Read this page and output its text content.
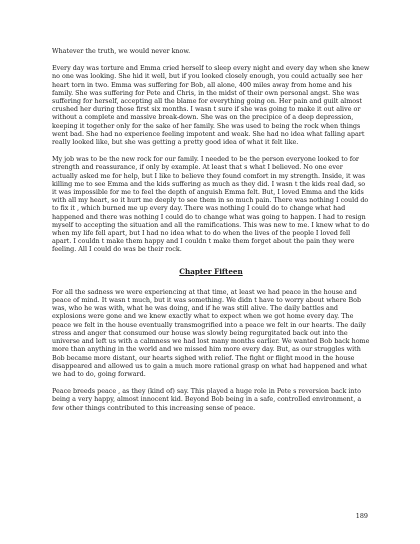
Whatever the truth, we would never know.

Every day was torture and Emma cried herself to sleep every night and every day when she knew no one was looking. She hid it well, but if you looked closely enough, you could actually see her heart torn in two. Emma was suffering for Bob, all alone, 400 miles away from home and his family. She was suffering for Pete and Chris, in the midst of their own personal angst. She was suffering for herself, accepting all the blame for everything going on. Her pain and guilt almost crushed her during those first six months. I wasn t sure if she was going to make it out alive or without a complete and massive break-down. She was on the precipice of a deep depression, keeping it together only for the sake of her family. She was used to being the rock when things went bad. She had no experience feeling impotent and weak. She had no idea what falling apart really looked like, but she was getting a pretty good idea of what it felt like.

My job was to be the new rock for our family. I needed to be the person everyone looked to for strength and reassurance, if only by example. At least that s what I believed. No one ever actually asked me for help, but I like to believe they found comfort in my strength. Inside, it was killing me to see Emma and the kids suffering as much as they did. I wasn t the kids real dad, so it was impossible for me to feel the depth of anguish Emma felt. But, I loved Emma and the kids with all my heart, so it hurt me deeply to see them in so much pain. There was nothing I could do to fix it , which burned me up every day. There was nothing I could do to change what had happened and there was nothing I could do to change what was going to happen. I had to resign myself to accepting the situation and all the ramifications. This was new to me. I knew what to do when my life fell apart, but I had no idea what to do when the lives of the people I loved fell apart. I couldn t make them happy and I couldn t make them forget about the pain they were feeling. All I could do was be their rock.

Chapter Fifteen

For all the sadness we were experiencing at that time, at least we had peace in the house and peace of mind. It wasn t much, but it was something. We didn t have to worry about where Bob was, who he was with, what he was doing, and if he was still alive. The daily battles and explosions were gone and we knew exactly what to expect when we got home every day. The peace we felt in the house eventually transmogrified into a peace we felt in our hearts. The daily stress and anger that consumed our house was slowly being regurgitated back out into the universe and left us with a calmness we had lost many months earlier. We wanted Bob back home more than anything in the world and we missed him more every day. But, as our struggles with Bob became more distant, our hearts sighed with relief. The fight or flight mood in the house disappeared and allowed us to gain a much more rational grasp on what had happened and what we had to do, going forward.

Peace breeds peace , as they (kind of) say. This played a huge role in Pete s reversion back into being a very happy, almost innocent kid. Beyond Bob being in a safe, controlled environment, a few other things contributed to this increasing sense of peace.

189
